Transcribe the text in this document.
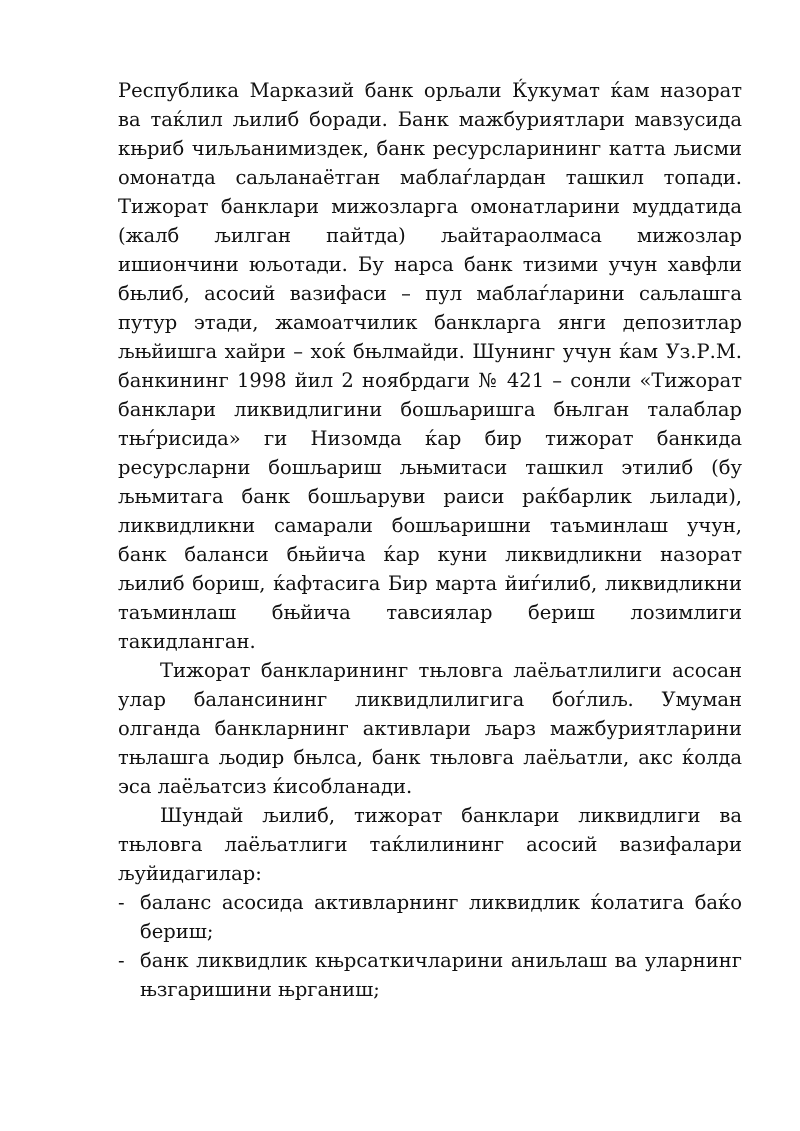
Республика Марказий банк орљали Ќукумат ќам назорат ва таќлил љилиб боради. Банк мажбуриятлари мавзусида књриб чиљљанимиздек, банк ресурсларининг катта љисми омонатда саљланаётган маблаѓлардан ташкил топади. Тижорат банклари мижозларга омонатларини муддатида (жалб љилган пайтда) љайтараолмаса мижозлар ишиончини юљотади. Бу нарса банк тизими учун хавфли бњлиб, асосий вазифаси – пул маблаѓларини саљлашга путур этади, жамоатчилик банкларга янги депозитлар љњйишга хайри – хоќ бњлмайди. Шунинг учун ќам Уз.Р.М. банкининг 1998 йил 2 ноябрдаги № 421 – сонли «Тижорат банклари ликвидлигини бошљаришга бњлган талаблар тњѓрисида» ги Низомда ќар бир тижорат банкида ресурсларни бошљариш љњмитаси ташкил этилиб (бу љњмитага банк бошљаруви раиси раќбарлик љилади), ликвидликни самарали бошљаришни таъминлаш учун, банк баланси бњйича ќар куни ликвидликни назорат љилиб бориш, ќафтасига Бир марта йиѓилиб, ликвидликни таъминлаш бњйича тавсиялар бериш лозимлиги такидланган.

Тижорат банкларининг тњловга лаёљатлилиги асосан улар балансининг ликвидлилигига боѓлиљ. Умуман олганда банкларнинг активлари љарз мажбуриятларини тњлашга љодир бњлса, банк тњловга лаёљатли, акс ќолда эса лаёљатсиз ќисобланади.

Шундай љилиб, тижорат банклари ликвидлиги ва тњловга лаёљатлиги таќлилининг асосий вазифалари љуйидагилар:

- баланс асосида активларнинг ликвидлик ќолатига баќо бериш;
- банк ликвидлик књрсаткичларини аниљлаш ва уларнинг њзгаришини њрганиш;
